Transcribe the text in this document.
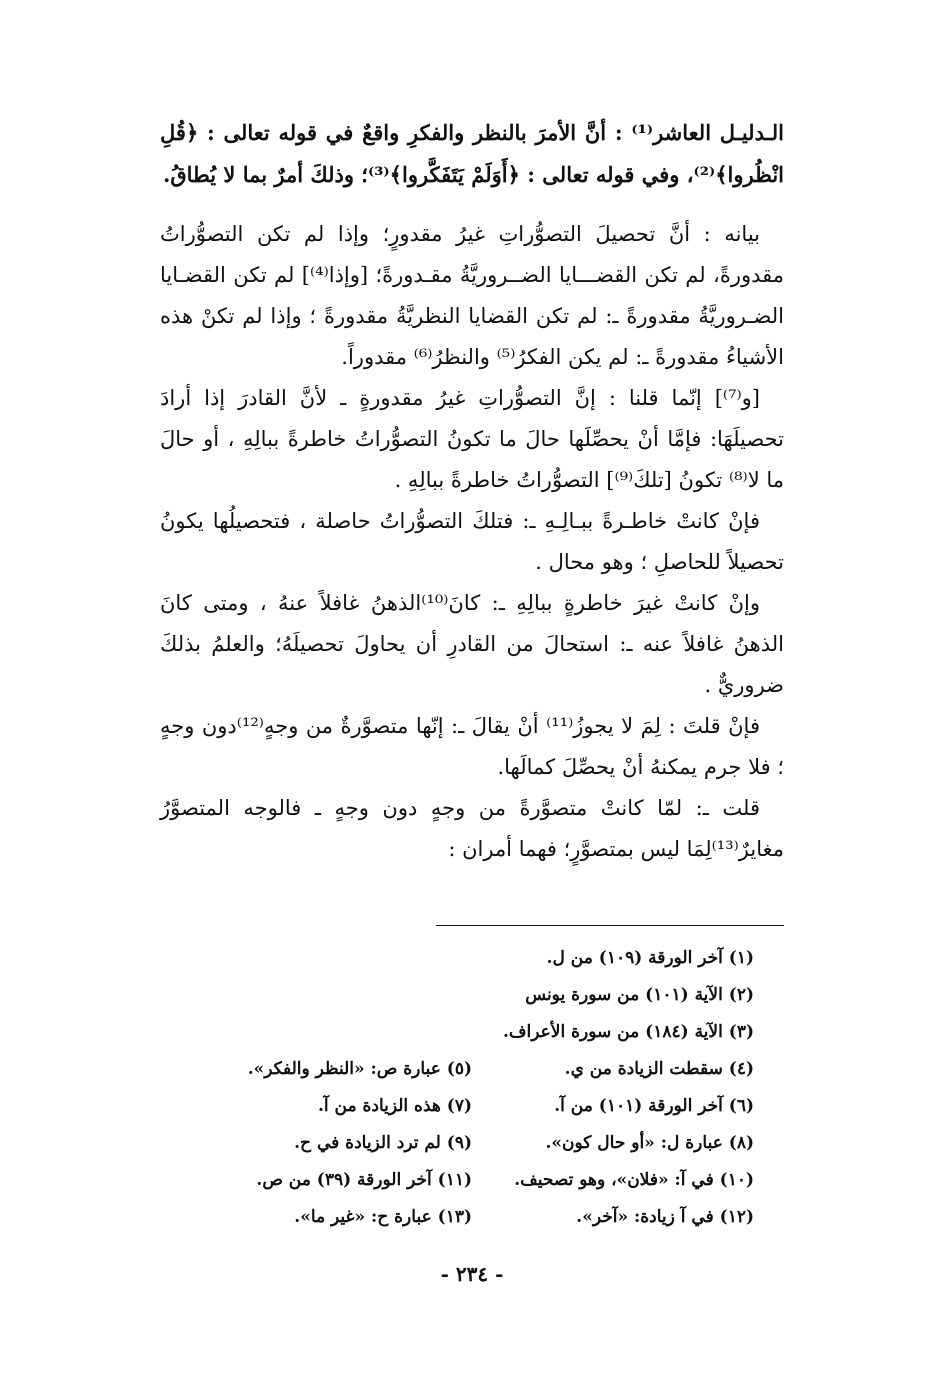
الـدليـل العاشر⁽¹⁾ : أنَّ الأمرَ بالنظر والفكرِ واقعٌ في قوله تعالى : ﴿قُلِ انْظُروا﴾⁽²⁾، وفي قوله تعالى : ﴿أَوَلَمْ يَتَفَكَّروا﴾⁽³⁾؛ وذلكَ أمرٌ بما لا يُطاقُ.

بيانه : أنَّ تحصيلَ التصوُّراتِ غيرُ مقدورٍ؛ وإذا لم تكن التصوُّراتُ مقدورةً، لم تكن القضـــايا الضــروريَّةُ مقـدورةً؛ [وإذا⁽⁴⁾] لم تكن القضـايا الضـروريَّةُ مقدورةً ـ: لم تكن القضايا النظريَّةُ مقدورةً ؛ وإذا لم تكنْ هذه الأشياءُ مقدورةً ـ: لم يكن الفكرُ⁽⁵⁾ والنظرُ⁽⁶⁾ مقدوراً.

[و⁽⁷⁾] إنّما قلنا : إنَّ التصوُّراتِ غيرُ مقدورةٍ ـ لأنَّ القادرَ إذا أرادَ تحصيلَهَا: فإمَّا أنْ يحصِّلَها حالَ ما تكونُ التصوُّراتُ خاطرةً ببالِهِ ، أو حالَ ما لا⁽⁸⁾ تكونُ [تلكَ⁽⁹⁾] التصوُّراتُ خاطرةً ببالِهِ .

فإنْ كانتْ خاطـرةً ببـالِـهِ ـ: فتلكَ التصوُّراتُ حاصلة ، فتحصيلُها يكونُ تحصيلاً للحاصلِ ؛ وهو محال .

وإنْ كانتْ غيرَ خاطرةٍ ببالِهِ ـ: كانَ⁽¹⁰⁾الذهنُ غافلاً عنهُ ، ومتى كانَ الذهنُ غافلاً عنه ـ: استحالَ من القادرِ أن يحاولَ تحصيلَهُ؛ والعلمُ بذلكَ ضروريٌّ .

فإنْ قلتَ : لِمَ لا يجوزُ⁽¹¹⁾ أنْ يقالَ ـ: إنّها متصوَّرةٌ من وجهٍ⁽¹²⁾دون وجهٍ ؛ فلا جرم يمكنهُ أنْ يحصِّلَ كمالَها.

قلت ـ: لمّا كانتْ متصوَّرةً من وجهٍ دون وجهٍ ـ فالوجه المتصوَّرُ مغايرٌ⁽¹³⁾لِمَا ليس بمتصوَّرٍ؛ فهما أمران :

(١) آخر الورقة (١٠٩) من ل.
(٢) الآية (١٠١) من سورة يونس
(٣) الآية (١٨٤) من سورة الأعراف.
(٤) سقطت الزيادة من ي.
(٥) عبارة ص: «النظر والفكر».
(٦) آخر الورقة (١٠١) من آ.
(٧) هذه الزيادة من آ.
(٨) عبارة ل: «أو حال كون».
(٩) لم ترد الزيادة في ح.
(١٠) في آ: «فلان»، وهو تصحيف.
(١١) آخر الورقة (٣٩) من ص.
(١٢) في آ زيادة: «آخر».
(١٣) عبارة ح: «غير ما».
- ٢٣٤ -
